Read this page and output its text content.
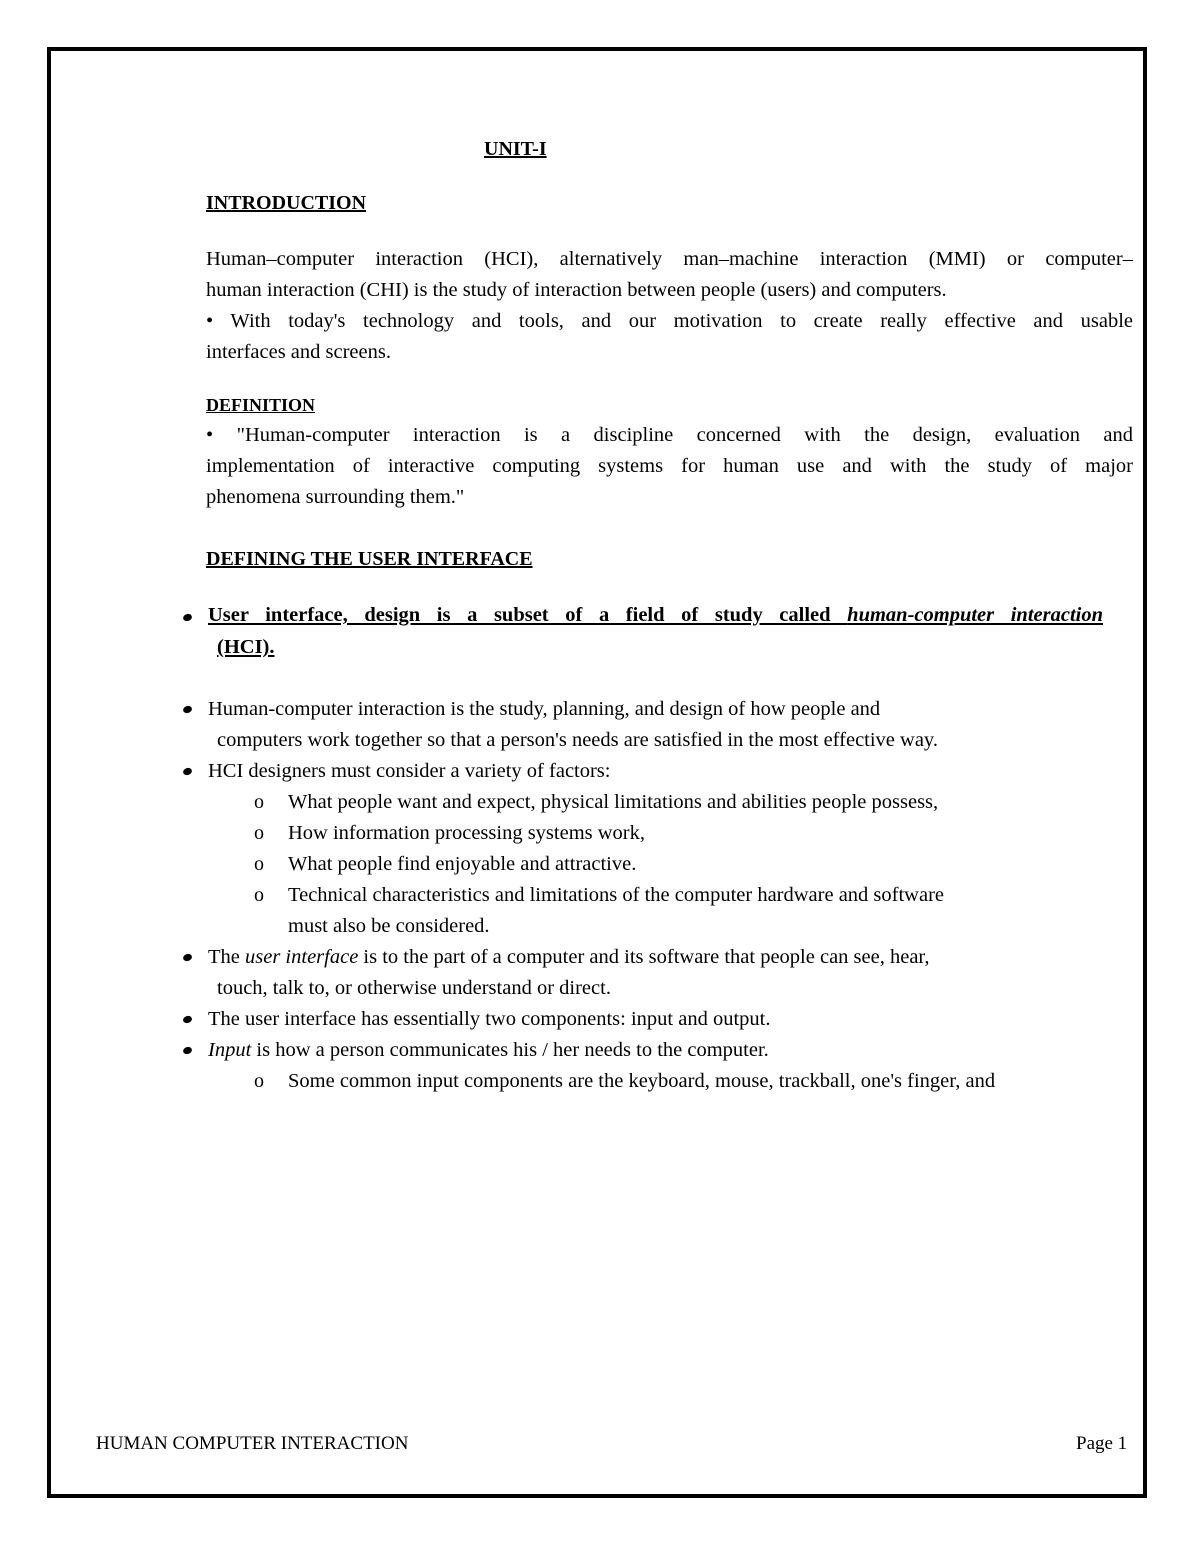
UNIT-I
INTRODUCTION
Human–computer interaction (HCI), alternatively man–machine interaction (MMI) or computer–
human interaction (CHI) is the study of interaction between people (users) and computers.
• With today's technology and tools, and our motivation to create really effective and usable
interfaces and screens.
DEFINITION
• "Human-computer interaction is a discipline concerned with the design, evaluation and
implementation of interactive computing systems for human use and with the study of major
phenomena surrounding them."
DEFINING THE USER INTERFACE
User interface, design is a subset of a field of study called human-computer interaction
(HCI).
Human-computer interaction is the study, planning, and design of how people and
computers work together so that a person's needs are satisfied in the most effective way.
HCI designers must consider a variety of factors:
o What people want and expect, physical limitations and abilities people possess,
o How information processing systems work,
o What people find enjoyable and attractive.
o Technical characteristics and limitations of the computer hardware and software
must also be considered.
The user interface is to the part of a computer and its software that people can see, hear,
touch, talk to, or otherwise understand or direct.
The user interface has essentially two components: input and output.
Input is how a person communicates his / her needs to the computer.
o Some common input components are the keyboard, mouse, trackball, one's finger, and
HUMAN COMPUTER INTERACTION	Page 1
